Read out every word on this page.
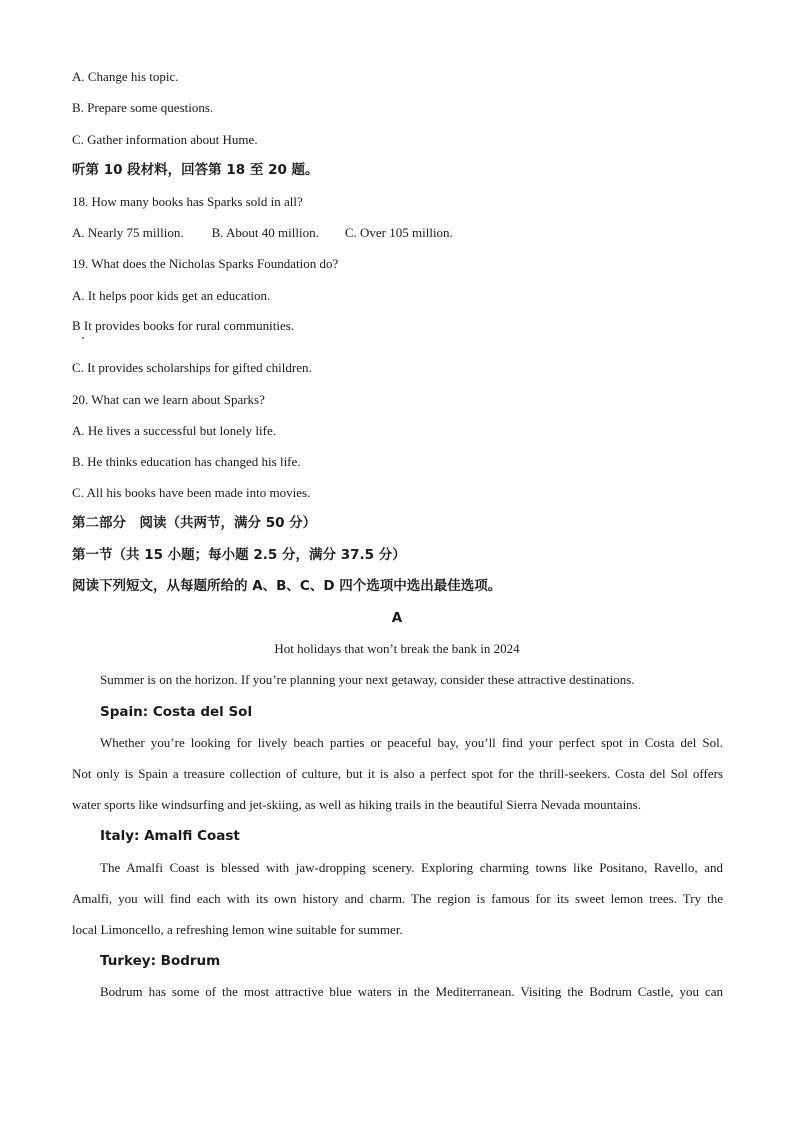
A. Change his topic.
B. Prepare some questions.
C. Gather information about Hume.
听第 10 段材料，回答第 18 至 20 题。
18. How many books has Sparks sold in all?
A. Nearly 75 million. B. About 40 million. C. Over 105 million.
19. What does the Nicholas Sparks Foundation do?
A. It helps poor kids get an education.
B It provides books for rural communities.
C. It provides scholarships for gifted children.
20. What can we learn about Sparks?
A. He lives a successful but lonely life.
B. He thinks education has changed his life.
C. All his books have been made into movies.
第二部分　阅读（共两节，满分 50 分）
第一节（共 15 小题；每小题 2.5 分，满分 37.5 分）
阅读下列短文，从每题所给的 A、B、C、D 四个选项中选出最佳选项。
A
Hot holidays that won’t break the bank in 2024
Summer is on the horizon. If you’re planning your next getaway, consider these attractive destinations.
Spain: Costa del Sol
Whether you’re looking for lively beach parties or peaceful bay, you’ll find your perfect spot in Costa del Sol.
Not only is Spain a treasure collection of culture, but it is also a perfect spot for the thrill-seekers. Costa del Sol offers
water sports like windsurfing and jet-skiing, as well as hiking trails in the beautiful Sierra Nevada mountains.
Italy: Amalfi Coast
The Amalfi Coast is blessed with jaw-dropping scenery. Exploring charming towns like Positano, Ravello, and
Amalfi, you will find each with its own history and charm. The region is famous for its sweet lemon trees. Try the
local Limoncello, a refreshing lemon wine suitable for summer.
Turkey: Bodrum
Bodrum has some of the most attractive blue waters in the Mediterranean. Visiting the Bodrum Castle, you can
